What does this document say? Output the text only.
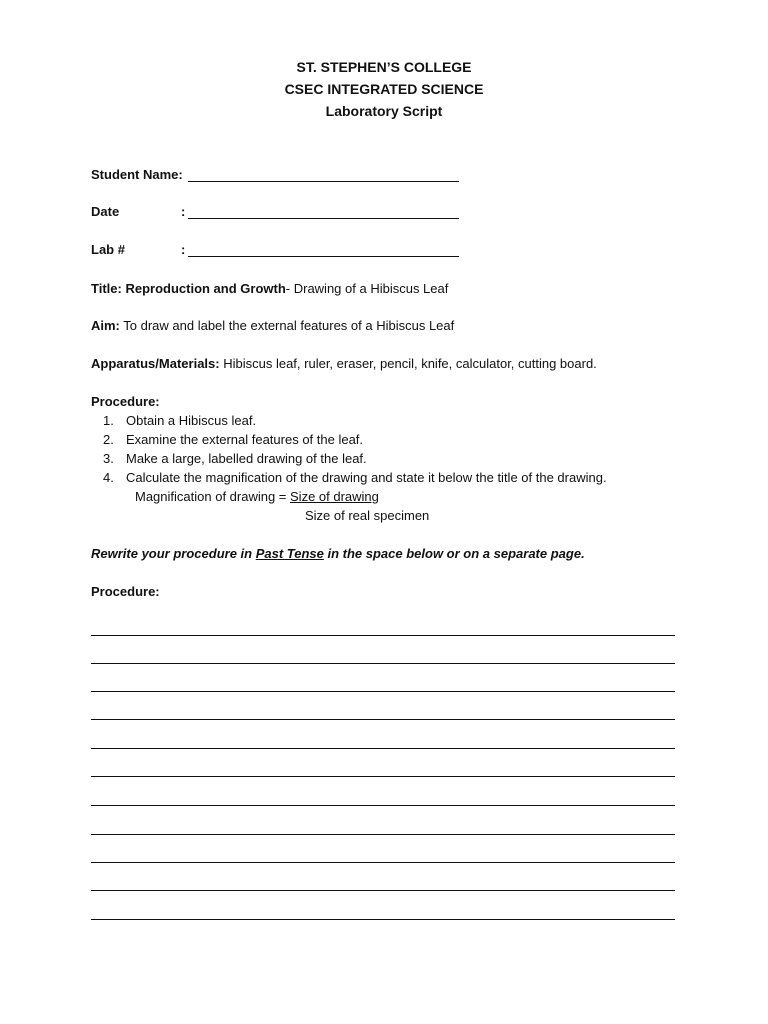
ST. STEPHEN’S COLLEGE
CSEC INTEGRATED SCIENCE
Laboratory Script
Student Name:
Date	:
Lab #	:
Title: Reproduction and Growth- Drawing of a Hibiscus Leaf
Aim: To draw and label the external features of a Hibiscus Leaf
Apparatus/Materials: Hibiscus leaf, ruler, eraser, pencil, knife, calculator, cutting board.
Procedure:
1. Obtain a Hibiscus leaf.
2. Examine the external features of the leaf.
3. Make a large, labelled drawing of the leaf.
4. Calculate the magnification of the drawing and state it below the title of the drawing.
Magnification of drawing = Size of drawing
Size of real specimen
Rewrite your procedure in Past Tense in the space below or on a separate page.
Procedure:
